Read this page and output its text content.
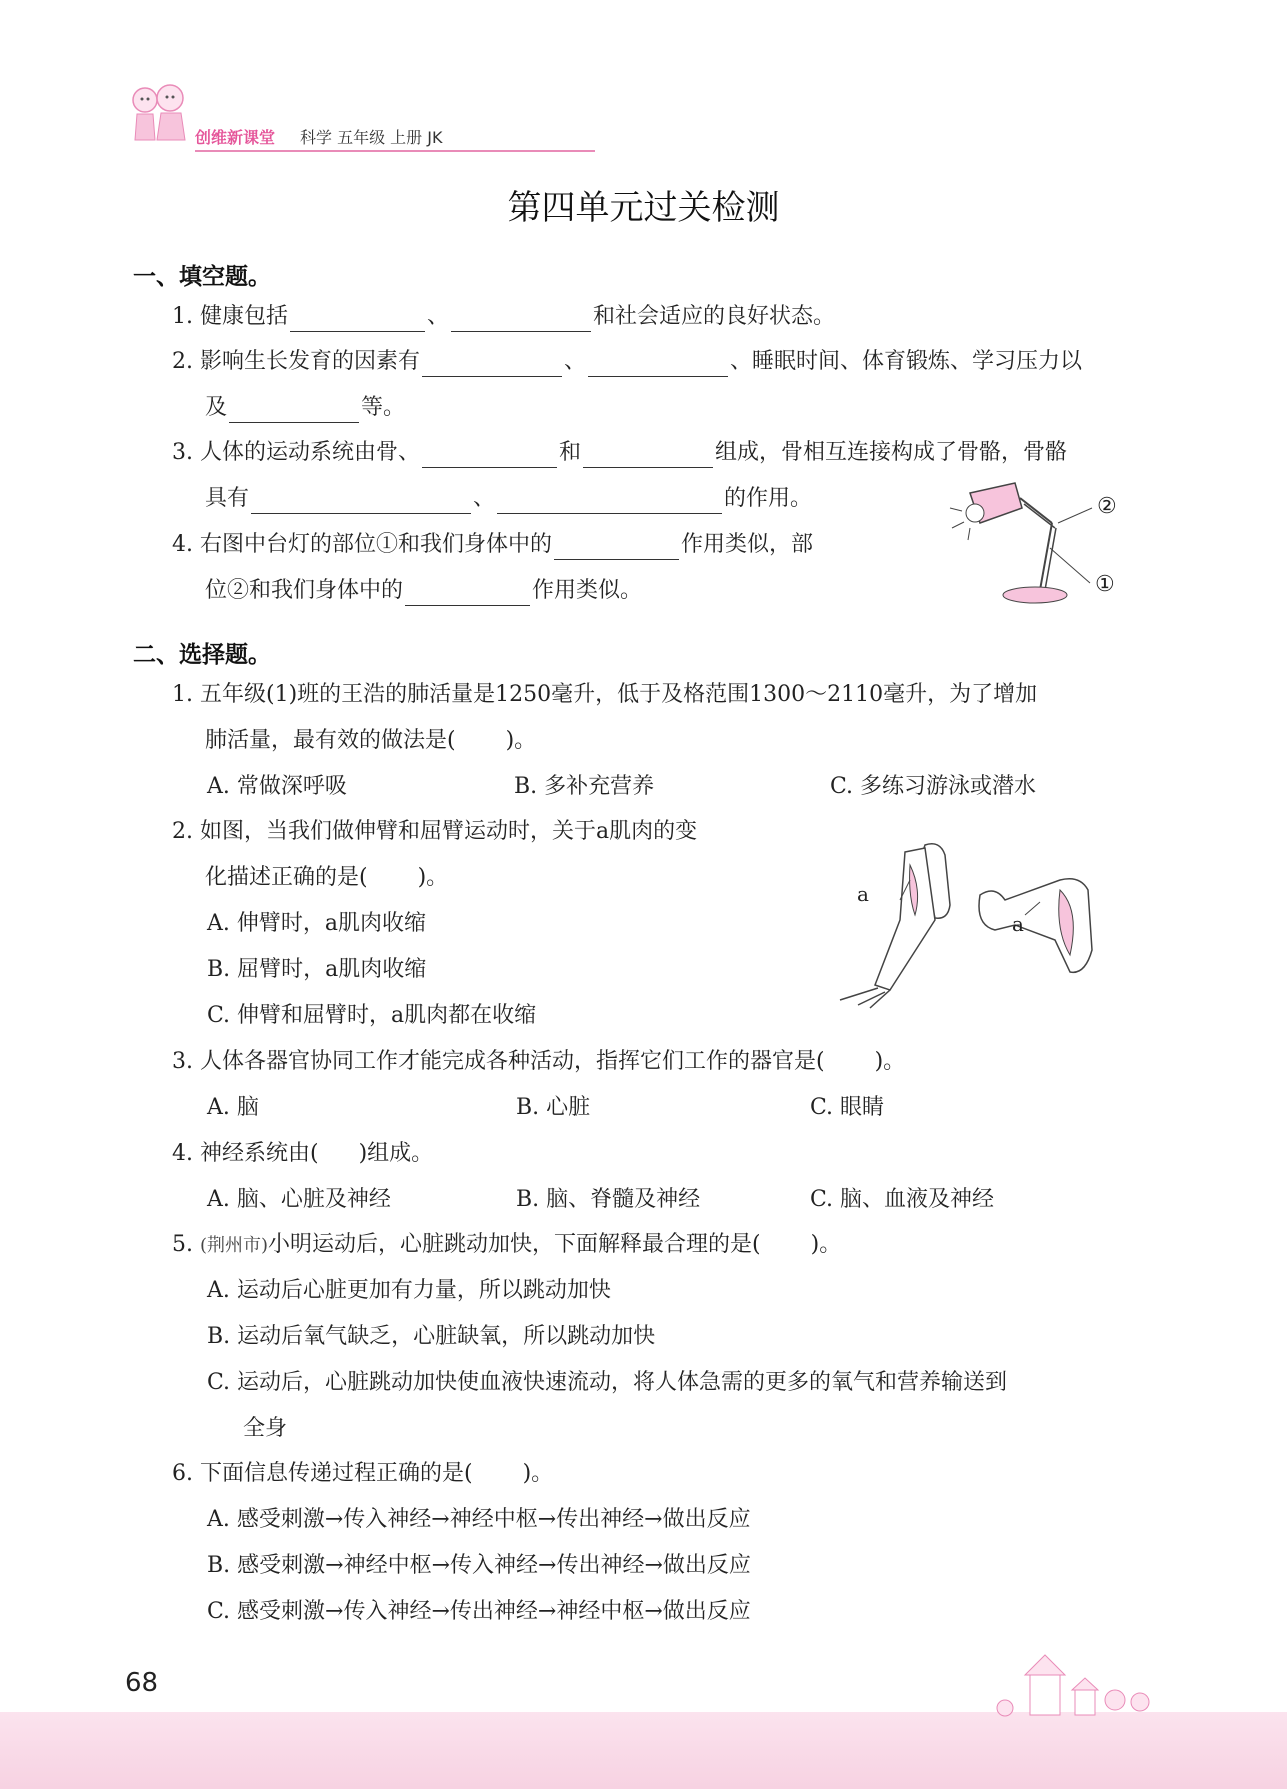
创维新课堂 科学 五年级 上册 JK
第四单元过关检测
一、填空题。
1. 健康包括	、	和社会适应的良好状态。
2. 影响生长发育的因素有	、	、睡眠时间、体育锻炼、学习压力以
及	等。
3. 人体的运动系统由骨、	和	组成，骨相互连接构成了骨骼，骨骼
具有	、	的作用。
4. 右图中台灯的部位①和我们身体中的	作用类似，部
位②和我们身体中的	作用类似。
②
①
二、选择题。
1. 五年级(1)班的王浩的肺活量是1250毫升，低于及格范围1300～2110毫升，为了增加
肺活量，最有效的做法是( )。
A. 常做深呼吸	B. 多补充营养	C. 多练习游泳或潜水
2. 如图，当我们做伸臂和屈臂运动时，关于a肌肉的变
化描述正确的是( )。
A. 伸臂时，a肌肉收缩
B. 屈臂时，a肌肉收缩
C. 伸臂和屈臂时，a肌肉都在收缩
a
a
3. 人体各器官协同工作才能完成各种活动，指挥它们工作的器官是( )。
A. 脑	B. 心脏	C. 眼睛
4. 神经系统由( )组成。
A. 脑、心脏及神经	B. 脑、脊髓及神经	C. 脑、血液及神经
5. (荆州市)小明运动后，心脏跳动加快，下面解释最合理的是( )。
A. 运动后心脏更加有力量，所以跳动加快
B. 运动后氧气缺乏，心脏缺氧，所以跳动加快
C. 运动后，心脏跳动加快使血液快速流动，将人体急需的更多的氧气和营养输送到
全身
6. 下面信息传递过程正确的是( )。
A. 感受刺激→传入神经→神经中枢→传出神经→做出反应
B. 感受刺激→神经中枢→传入神经→传出神经→做出反应
C. 感受刺激→传入神经→传出神经→神经中枢→做出反应
68
